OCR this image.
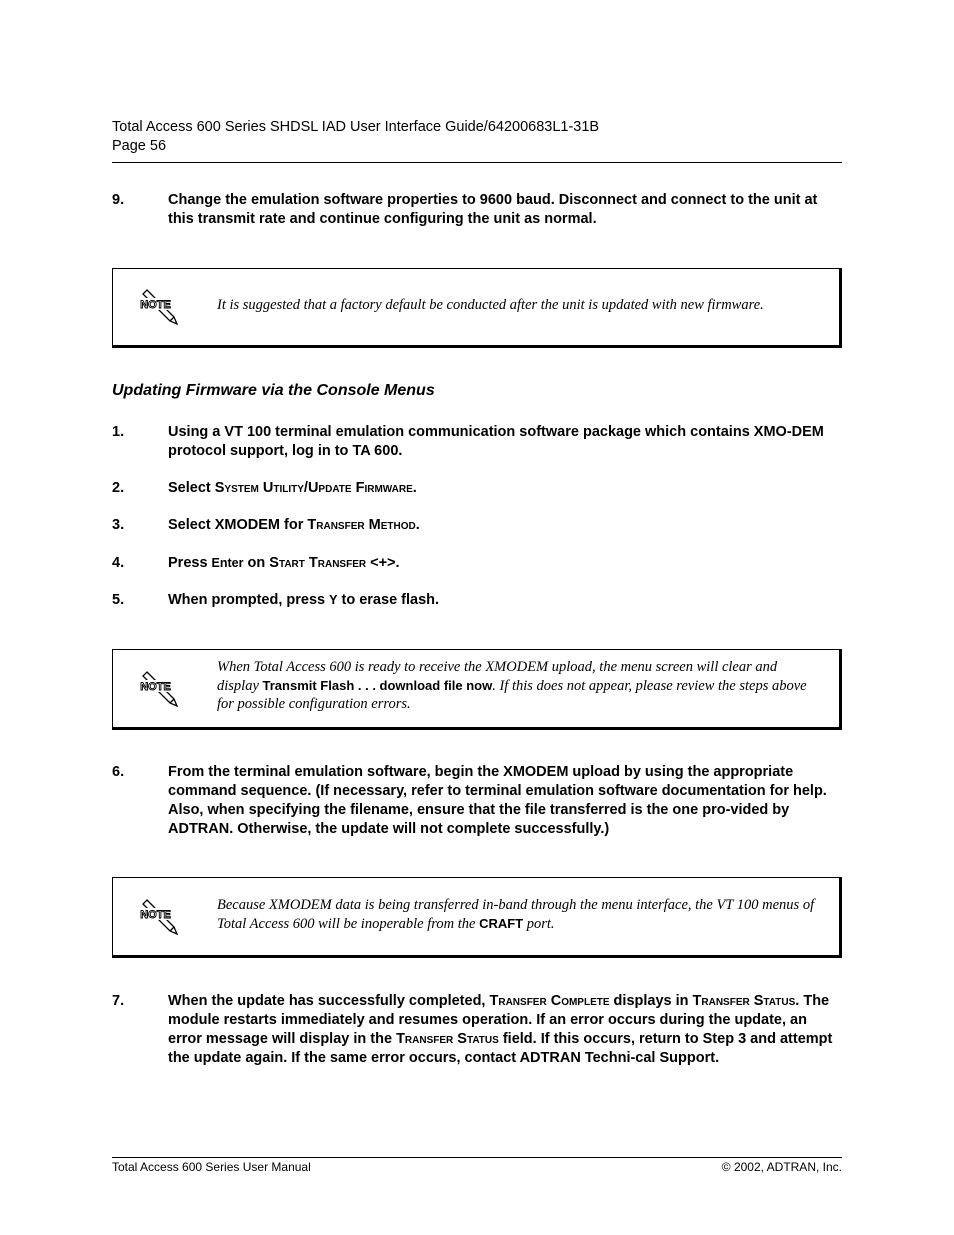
Total Access 600 Series SHDSL IAD User Interface Guide/64200683L1-31B
Page 56
9.	Change the emulation software properties to 9600 baud. Disconnect and connect to the unit at this transmit rate and continue configuring the unit as normal.
NOTE	It is suggested that a factory default be conducted after the unit is updated with new firmware.
Updating Firmware via the Console Menus
1.	Using a VT 100 terminal emulation communication software package which contains XMO-DEM protocol support, log in to TA 600.
2.	Select System Utility/Update Firmware.
3.	Select XMODEM for Transfer Method.
4.	Press Enter on Start Transfer <+>.
5.	When prompted, press Y to erase flash.
NOTE
When Total Access 600 is ready to receive the XMODEM upload, the menu screen will clear and display Transmit Flash . . . download file now. If this does not appear, please review the steps above for possible configuration errors.
6.	From the terminal emulation software, begin the XMODEM upload by using the appropriate command sequence. (If necessary, refer to terminal emulation software documentation for help. Also, when specifying the filename, ensure that the file transferred is the one pro-vided by ADTRAN. Otherwise, the update will not complete successfully.)
NOTE
Because XMODEM data is being transferred in-band through the menu interface, the VT 100 menus of Total Access 600 will be inoperable from the CRAFT port.
7.	When the update has successfully completed, Transfer Complete displays in Transfer Status. The module restarts immediately and resumes operation. If an error occurs during the update, an error message will display in the Transfer Status field. If this occurs, return to Step 3 and attempt the update again. If the same error occurs, contact ADTRAN Techni-cal Support.
Total Access 600 Series User Manual	© 2002, ADTRAN, Inc.
